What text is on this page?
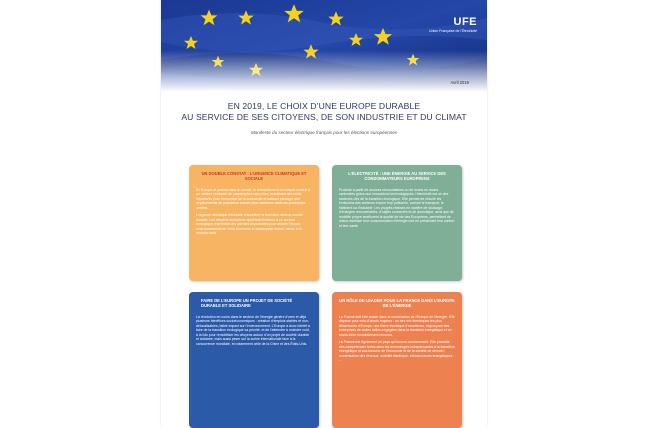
UFE
Union Française de l'Électricité
Avril 2019
EN 2019, LE CHOIX D’UNE EUROPE DURABLE
AU SERVICE DE SES CITOYENS, DE SON INDUSTRIE ET DU CLIMAT
Manifeste du secteur électrique français pour les élections européennes
UN DOUBLE CONSTAT : L’URGENCE CLIMATIQUE ET SOCIALE

En Europe et partout dans le monde, le réchauffement climatique conduit à un nombre croissant de catastrophes naturelles, entraînant des coûts importants pour l’ensemble de la collectivité et laissant présager des déplacements de population encore plus nombreux dans les prochaines années.

L’urgence climatique nécessite d’accélérer la transition vers un monde durable. Les citoyens européens appellent d’ailleurs à un sursaut écologique, exprimant des attentes importantes pour réduire l’impact environnemental de notre économie et consommer moins, mieux et à moindre coût.

L’ÉLECTRICITÉ : UNE ÉNERGIE AU SERVICE DES CONSOMMATEURS EUROPÉENS

Produite à partir de sources renouvelables ou de moins en moins carbonées grâce aux innovations technologiques, l’électricité est un des secteurs-clés de la transition écologique. Elle permet de réduire les émissions des secteurs encore trop polluants, comme le transport, le bâtiment ou l’industrie. Les progrès réalisés en matière de stockage, d’énergies renouvelables, d’objets connectés et de domotique, ainsi que de mobilité propre améliorent la qualité de vie des Européens, permettent de mieux maîtriser leur consommation d’énergie tout en préservant leur confort et leur santé.

FAIRE DE L’EUROPE UN PROJET DE SOCIÉTÉ DURABLE ET SOLIDAIRE

La révolution en cours dans le secteur de l’énergie génère d’ores et déjà plusieurs bénéfices socioéconomiques : création d’emplois stables et non-délocalisables, faible impact sur l’environnement. L’Europe a donc intérêt à faire de la transition écologique sa priorité, et de l’atteindre à moindre coût, à la fois pour remobiliser les citoyens autour d’un projet de société durable et solidaire, mais aussi peser sur la scène internationale face à la concurrence mondiale, et notamment celle de la Chine et des États-Unis.

UN RÔLE DE LEADER POUR LA FRANCE DANS L’EUROPE DE L’ÉNERGIE

La France doit être leader dans la construction de l’Europe de l’énergie. Elle dispose pour cela d’atouts majeurs : un des mix électriques les plus décarbonés d’Europe, une filière électrique d’excellence, regroupant des entreprises de toutes tailles engagées dans la transition énergétique et un savoir-faire mondialement reconnu.

La France est également un pays qui innove constamment. Elle possède des compétences fortes dans les technologies indispensables à la transition énergétique et aux besoins de l’économie et de la société de demain : numérisation des réseaux, mobilité électrique, infrastructures énergétiques …
